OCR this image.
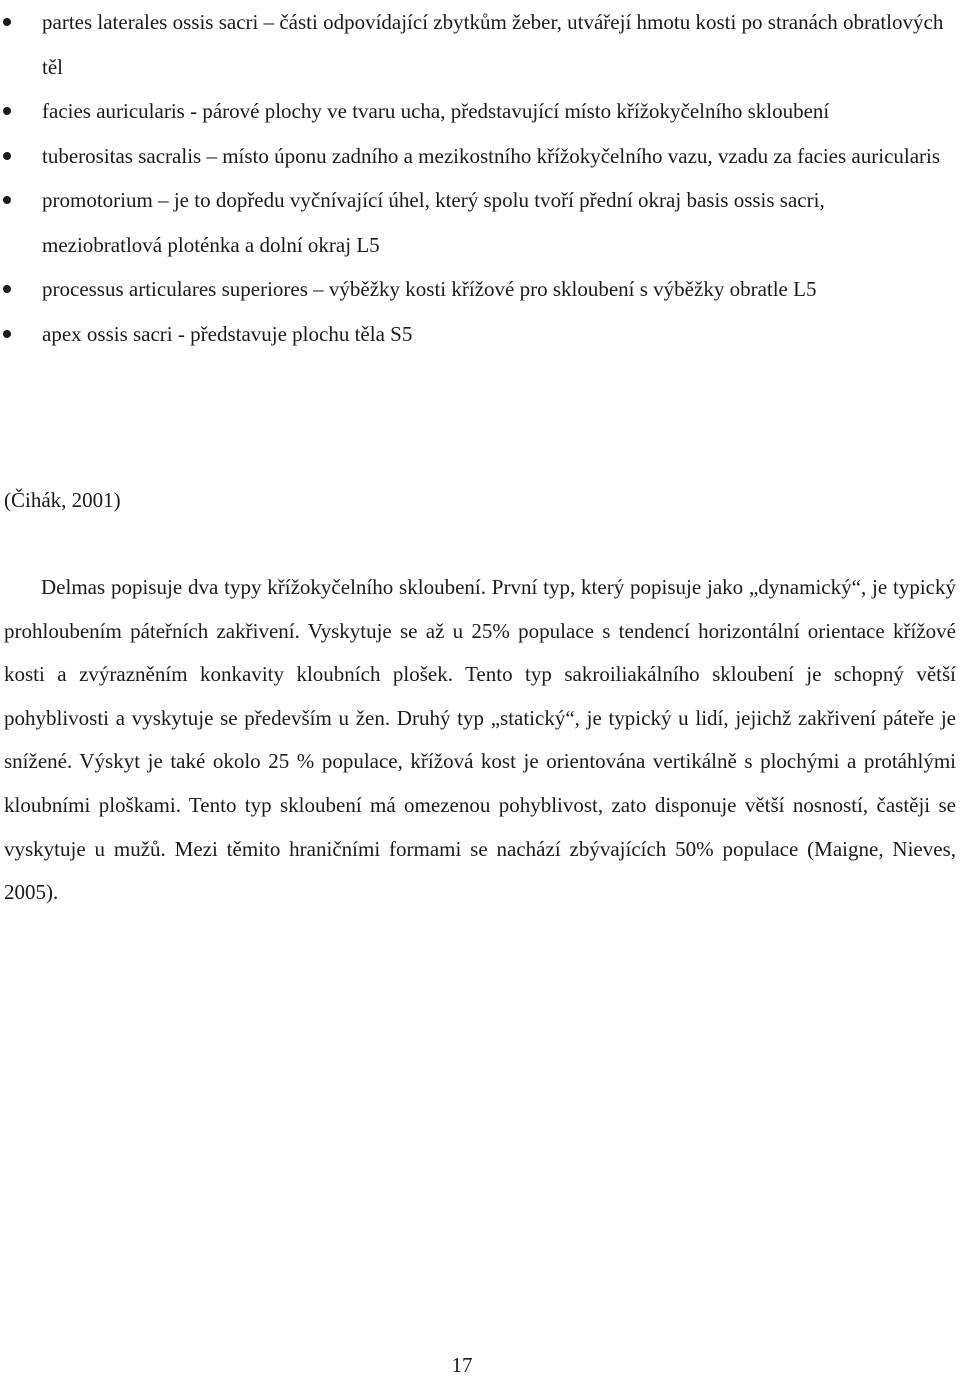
partes laterales ossis sacri – části odpovídající zbytkům žeber, utvářejí hmotu kosti po stranách obratlových těl
facies auricularis - párové plochy ve tvaru ucha, představující místo křížokyčelního skloubení
tuberositas sacralis – místo úponu zadního a mezikostního křížokyčelního vazu, vzadu za facies auricularis
promotorium – je to dopředu vyčnívající úhel, který spolu tvoří přední okraj basis ossis sacri, meziobratlová ploténka a dolní okraj L5
processus articulares superiores – výběžky kosti křížové pro skloubení s výběžky obratle L5
apex ossis sacri - představuje plochu těla S5
(Čihák, 2001)

Delmas popisuje dva typy křížokyčelního skloubení. První typ, který popisuje jako „dynamický“, je typický prohloubením páteřních zakřivení. Vyskytuje se až u 25% populace s tendencí horizontální orientace křížové kosti a zvýrazněním konkavity kloubních plošek. Tento typ sakroiliakálního skloubení je schopný větší pohyblivosti a vyskytuje se především u žen. Druhý typ „statický“, je typický u lidí, jejichž zakřivení páteře je snížené. Výskyt je také okolo 25 % populace, křížová kost je orientována vertikálně s plochými a protáhlými kloubními ploškami. Tento typ skloubení má omezenou pohyblivost, zato disponuje větší nosností, častěji se vyskytuje u mužů. Mezi těmito hraničními formami se nachází zbývajících 50% populace (Maigne, Nieves, 2005).

17
